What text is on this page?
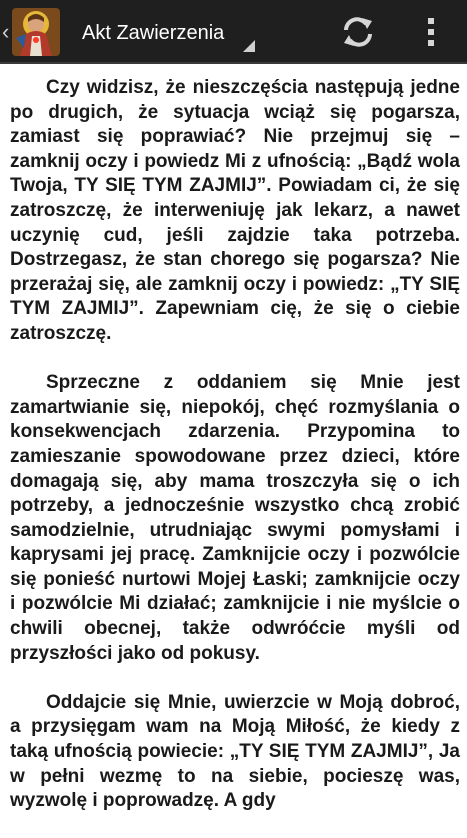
‹	Akt Zawierzenia

Czy widzisz, że nieszczęścia następują jedne po drugich, że sytuacja wciąż się pogarsza, zamiast się poprawiać? Nie przejmuj się – zamknij oczy i powiedz Mi z ufnością: „Bądź wola Twoja, TY SIĘ TYM ZAJMIJ”. Powiadam ci, że się zatroszczę, że interweniuję jak lekarz, a nawet uczynię cud, jeśli zajdzie taka potrzeba. Dostrzegasz, że stan chorego się pogarsza? Nie przerażaj się, ale zamknij oczy i powiedz: „TY SIĘ TYM ZAJMIJ”. Zapewniam cię, że się o ciebie zatroszczę.

Sprzeczne z oddaniem się Mnie jest zamartwianie się, niepokój, chęć rozmyślania o konsekwencjach zdarzenia. Przypomina to zamieszanie spowodowane przez dzieci, które domagają się, aby mama troszczyła się o ich potrzeby, a jednocześnie wszystko chcą zrobić samodzielnie, utrudniając swymi pomysłami i kaprysami jej pracę. Zamknijcie oczy i pozwólcie się ponieść nurtowi Mojej Łaski; zamknijcie oczy i pozwólcie Mi działać; zamknijcie i nie myślcie o chwili obecnej, także odwróćcie myśli od przyszłości jako od pokusy.

Oddajcie się Mnie, uwierzcie w Moją dobroć, a przysięgam wam na Moją Miłość, że kiedy z taką ufnością powiecie: „TY SIĘ TYM ZAJMIJ”, Ja w pełni wezmę to na siebie, pocieszę was, wyzwolę i poprowadzę. A gdy
